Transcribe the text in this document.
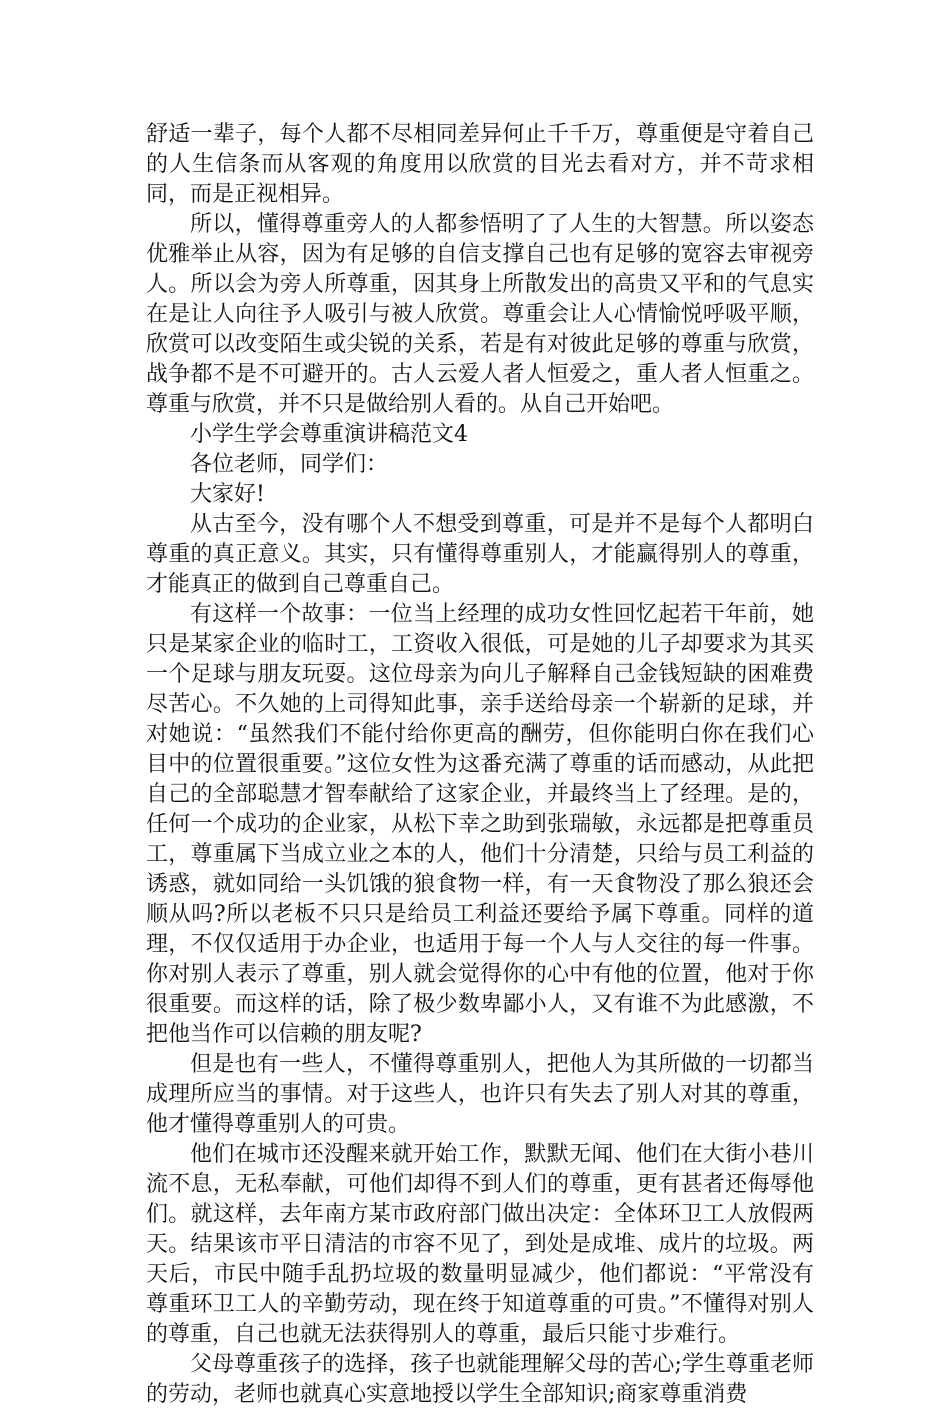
舒适一辈子，每个人都不尽相同差异何止千千万，尊重便是守着自己的人生信条而从客观的角度用以欣赏的目光去看对方，并不苛求相同，而是正视相异。

所以，懂得尊重旁人的人都参悟明了了人生的大智慧。所以姿态优雅举止从容，因为有足够的自信支撑自己也有足够的宽容去审视旁人。所以会为旁人所尊重，因其身上所散发出的高贵又平和的气息实在是让人向往予人吸引与被人欣赏。尊重会让人心情愉悦呼吸平顺，欣赏可以改变陌生或尖锐的关系，若是有对彼此足够的尊重与欣赏，战争都不是不可避开的。古人云爱人者人恒爱之，重人者人恒重之。尊重与欣赏，并不只是做给别人看的。从自己开始吧。

小学生学会尊重演讲稿范文4

各位老师，同学们：

大家好!

从古至今，没有哪个人不想受到尊重，可是并不是每个人都明白尊重的真正意义。其实，只有懂得尊重别人，才能赢得别人的尊重，才能真正的做到自己尊重自己。

有这样一个故事：一位当上经理的成功女性回忆起若干年前，她只是某家企业的临时工，工资收入很低，可是她的儿子却要求为其买一个足球与朋友玩耍。这位母亲为向儿子解释自己金钱短缺的困难费尽苦心。不久她的上司得知此事，亲手送给母亲一个崭新的足球，并对她说：“虽然我们不能付给你更高的酬劳，但你能明白你在我们心目中的位置很重要。”这位女性为这番充满了尊重的话而感动，从此把自己的全部聪慧才智奉献给了这家企业，并最终当上了经理。是的，任何一个成功的企业家，从松下幸之助到张瑞敏，永远都是把尊重员工，尊重属下当成立业之本的人，他们十分清楚，只给与员工利益的诱惑，就如同给一头饥饿的狼食物一样，有一天食物没了那么狼还会顺从吗?所以老板不只只是给员工利益还要给予属下尊重。同样的道理，不仅仅适用于办企业，也适用于每一个人与人交往的每一件事。你对别人表示了尊重，别人就会觉得你的心中有他的位置，他对于你很重要。而这样的话，除了极少数卑鄙小人，又有谁不为此感激，不把他当作可以信赖的朋友呢?

但是也有一些人，不懂得尊重别人，把他人为其所做的一切都当成理所应当的事情。对于这些人，也许只有失去了别人对其的尊重，他才懂得尊重别人的可贵。

他们在城市还没醒来就开始工作，默默无闻、他们在大街小巷川流不息，无私奉献，可他们却得不到人们的尊重，更有甚者还侮辱他们。就这样，去年南方某市政府部门做出决定：全体环卫工人放假两天。结果该市平日清洁的市容不见了，到处是成堆、成片的垃圾。两天后，市民中随手乱扔垃圾的数量明显减少，他们都说：“平常没有尊重环卫工人的辛勤劳动，现在终于知道尊重的可贵。”不懂得对别人的尊重，自己也就无法获得别人的尊重，最后只能寸步难行。

父母尊重孩子的选择，孩子也就能理解父母的苦心;学生尊重老师的劳动，老师也就真心实意地授以学生全部知识;商家尊重消费
